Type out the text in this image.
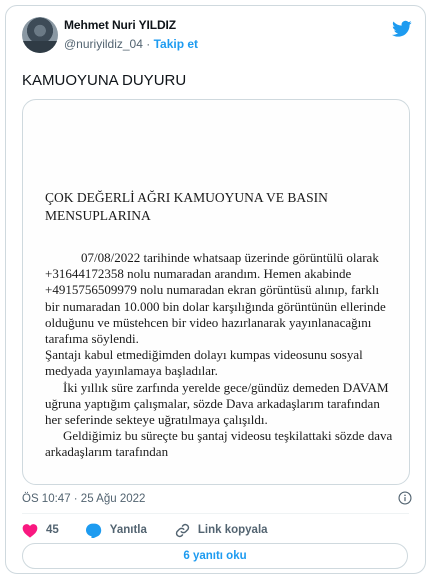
Mehmet Nuri YILDIZ
@nuriyildiz_04 · Takip et
KAMUOYUNA DUYURU

ÇOK DEĞERLİ AĞRI KAMUOYUNA VE BASIN MENSUPLARINA

07/08/2022 tarihinde whatsaap üzerinde görüntülü olarak +31644172358 nolu numaradan arandım. Hemen akabinde +4915756509979 nolu numaradan ekran görüntüsü alınıp, farklı bir numaradan 10.000 bin dolar karşılığında görüntünün ellerinde olduğunu ve müstehcen bir video hazırlanarak yayınlanacağını tarafıma söylendi.

Şantajı kabul etmediğimden dolayı kumpas videosunu sosyal medyada yayınlamaya başladılar.

İki yıllık süre zarfında yerelde gece/gündüz demeden DAVAM uğruna yaptığım çalışmalar, sözde Dava arkadaşlarım tarafından her seferinde sekteye uğratılmaya çalışıldı.

Geldiğimiz bu süreçte bu şantaj videosu teşkilattaki sözde dava arkadaşlarım tarafından

ÖS 10:47 · 25 Ağu 2022
45	Yanıtla	Link kopyala
6 yanıtı oku
